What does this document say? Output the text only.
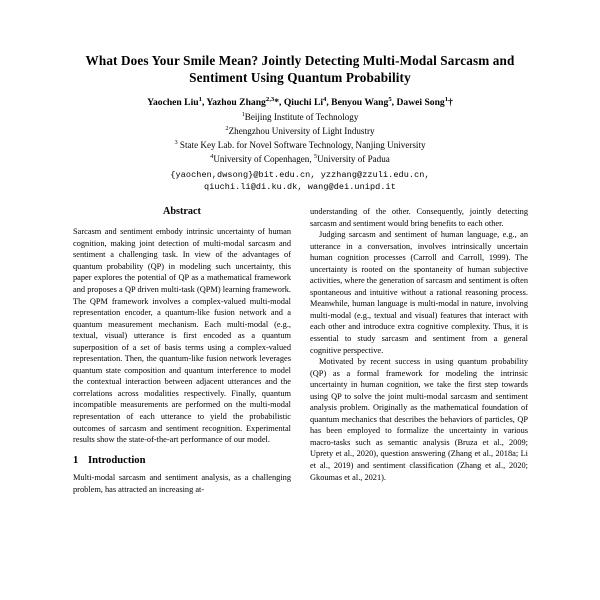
What Does Your Smile Mean? Jointly Detecting Multi-Modal Sarcasm and
Sentiment Using Quantum Probability
Yaochen Liu$^1$, Yazhou Zhang$^{2,3}$*, Qiuchi Li$^4$, Benyou Wang$^5$, Dawei Song$^1$†
$^1$Beijing Institute of Technology
$^2$Zhengzhou University of Light Industry
$^3$ State Key Lab. for Novel Software Technology, Nanjing University
$^4$University of Copenhagen, $^5$University of Padua
{yaochen,dwsong}@bit.edu.cn, yzzhang@zzuli.edu.cn,
qiuchi.li@di.ku.dk, wang@dei.unipd.it
Abstract

Sarcasm and sentiment embody intrinsic uncertainty of human cognition, making joint detection of multi-modal sarcasm and sentiment a challenging task. In view of the advantages of quantum probability (QP) in modeling such uncertainty, this paper explores the potential of QP as a mathematical framework and proposes a QP driven multi-task (QPM) learning framework. The QPM framework involves a complex-valued multi-modal representation encoder, a quantum-like fusion network and a quantum measurement mechanism. Each multi-modal (e.g., textual, visual) utterance is first encoded as a quantum superposition of a set of basis terms using a complex-valued representation. Then, the quantum-like fusion network leverages quantum state composition and quantum interference to model the contextual interaction between adjacent utterances and the correlations across modalities respectively. Finally, quantum incompatible measurements are performed on the multi-modal representation of each utterance to yield the probabilistic outcomes of sarcasm and sentiment recognition. Experimental results show the state-of-the-art performance of our model.

1 Introduction

Multi-modal sarcasm and sentiment analysis, as a challenging problem, has attracted an increasing at-

understanding of the other. Consequently, jointly detecting sarcasm and sentiment would bring benefits to each other.

Judging sarcasm and sentiment of human language, e.g., an utterance in a conversation, involves intrinsically uncertain human cognition processes (Carroll and Carroll, 1999). The uncertainty is rooted on the spontaneity of human subjective activities, where the generation of sarcasm and sentiment is often spontaneous and intuitive without a rational reasoning process. Meanwhile, human language is multi-modal in nature, involving multi-modal (e.g., textual and visual) features that interact with each other and introduce extra cognitive complexity. Thus, it is essential to study sarcasm and sentiment from a general cognitive perspective.

Motivated by recent success in using quantum probability (QP) as a formal framework for modeling the intrinsic uncertainty in human cognition, we take the first step towards using QP to solve the joint multi-modal sarcasm and sentiment analysis problem. Originally as the mathematical foundation of quantum mechanics that describes the behaviors of particles, QP has been employed to formalize the uncertainty in various macro-tasks such as semantic analysis (Bruza et al., 2009; Uprety et al., 2020), question answering (Zhang et al., 2018a; Li et al., 2019) and sentiment classification (Zhang et al., 2020; Gkoumas et al., 2021).
